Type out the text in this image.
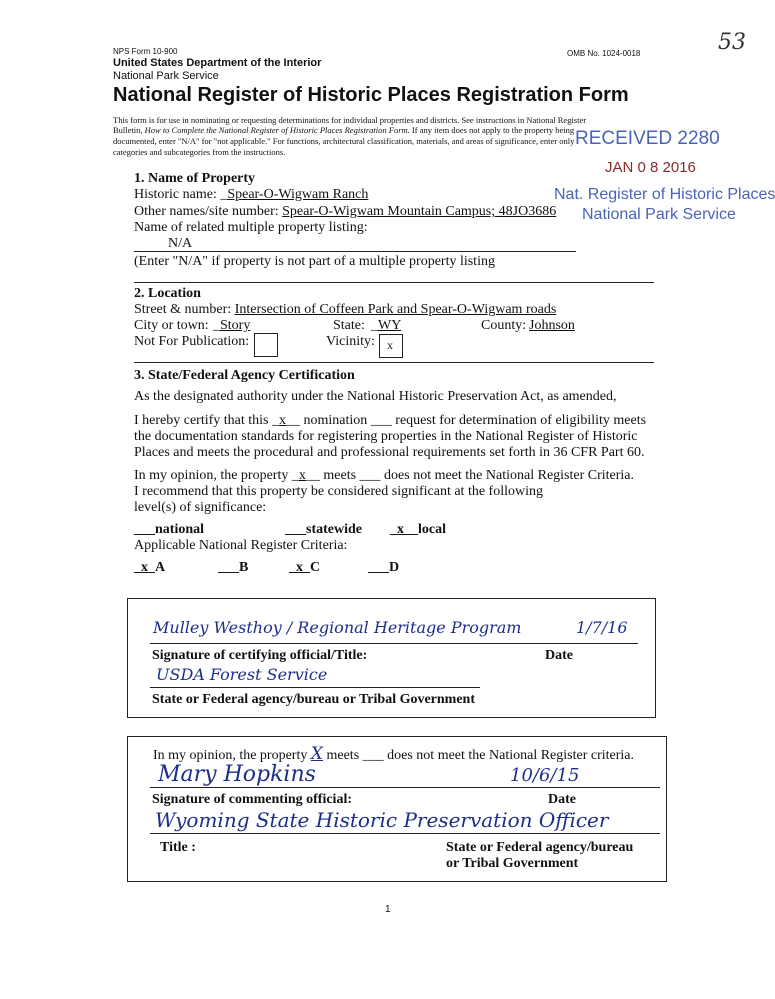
NPS Form 10-900	OMB No. 1024-0018	53
United States Department of the Interior
National Park Service
National Register of Historic Places Registration Form
This form is for use in nominating or requesting determinations for individual properties and districts. See instructions in National Register
Bulletin, How to Complete the National Register of Historic Places Registration Form. If any item does not apply to the property being
documented, enter "N/A" for "not applicable." For functions, architectural classification, materials, and areas of significance, enter only
categories and subcategories from the instructions.
RECEIVED 2280
JAN 0 8 2016
Nat. Register of Historic Places
National Park Service
1. Name of Property
Historic name: _Spear-O-Wigwam Ranch
Other names/site number: Spear-O-Wigwam Mountain Campus; 48JO3686
Name of related multiple property listing:
N/A
(Enter "N/A" if property is not part of a multiple property listing
2. Location
Street & number: Intersection of Coffeen Park and Spear-O-Wigwam roads
City or town: _Story	State: _WY	County: Johnson
Not For Publication:	Vicinity: x
3. State/Federal Agency Certification
As the designated authority under the National Historic Preservation Act, as amended,
I hereby certify that this _x__ nomination ___ request for determination of eligibility meets
the documentation standards for registering properties in the National Register of Historic
Places and meets the procedural and professional requirements set forth in 36 CFR Part 60.
In my opinion, the property _x__ meets ___ does not meet the National Register Criteria.
I recommend that this property be considered significant at the following
level(s) of significance:
___national	___statewide _x__local
Applicable National Register Criteria:
_x_A	___B	_x_C	___D
Mulley Westhoy / Regional Heritage Program	1/7/16
Signature of certifying official/Title:	Date
USDA Forest Service
State or Federal agency/bureau or Tribal Government
In my opinion, the property X meets ___ does not meet the National Register criteria.
Mary Hopkins	10/6/15
Signature of commenting official:	Date
Wyoming State Historic Preservation Officer
Title :	State or Federal agency/bureau
or Tribal Government
1
